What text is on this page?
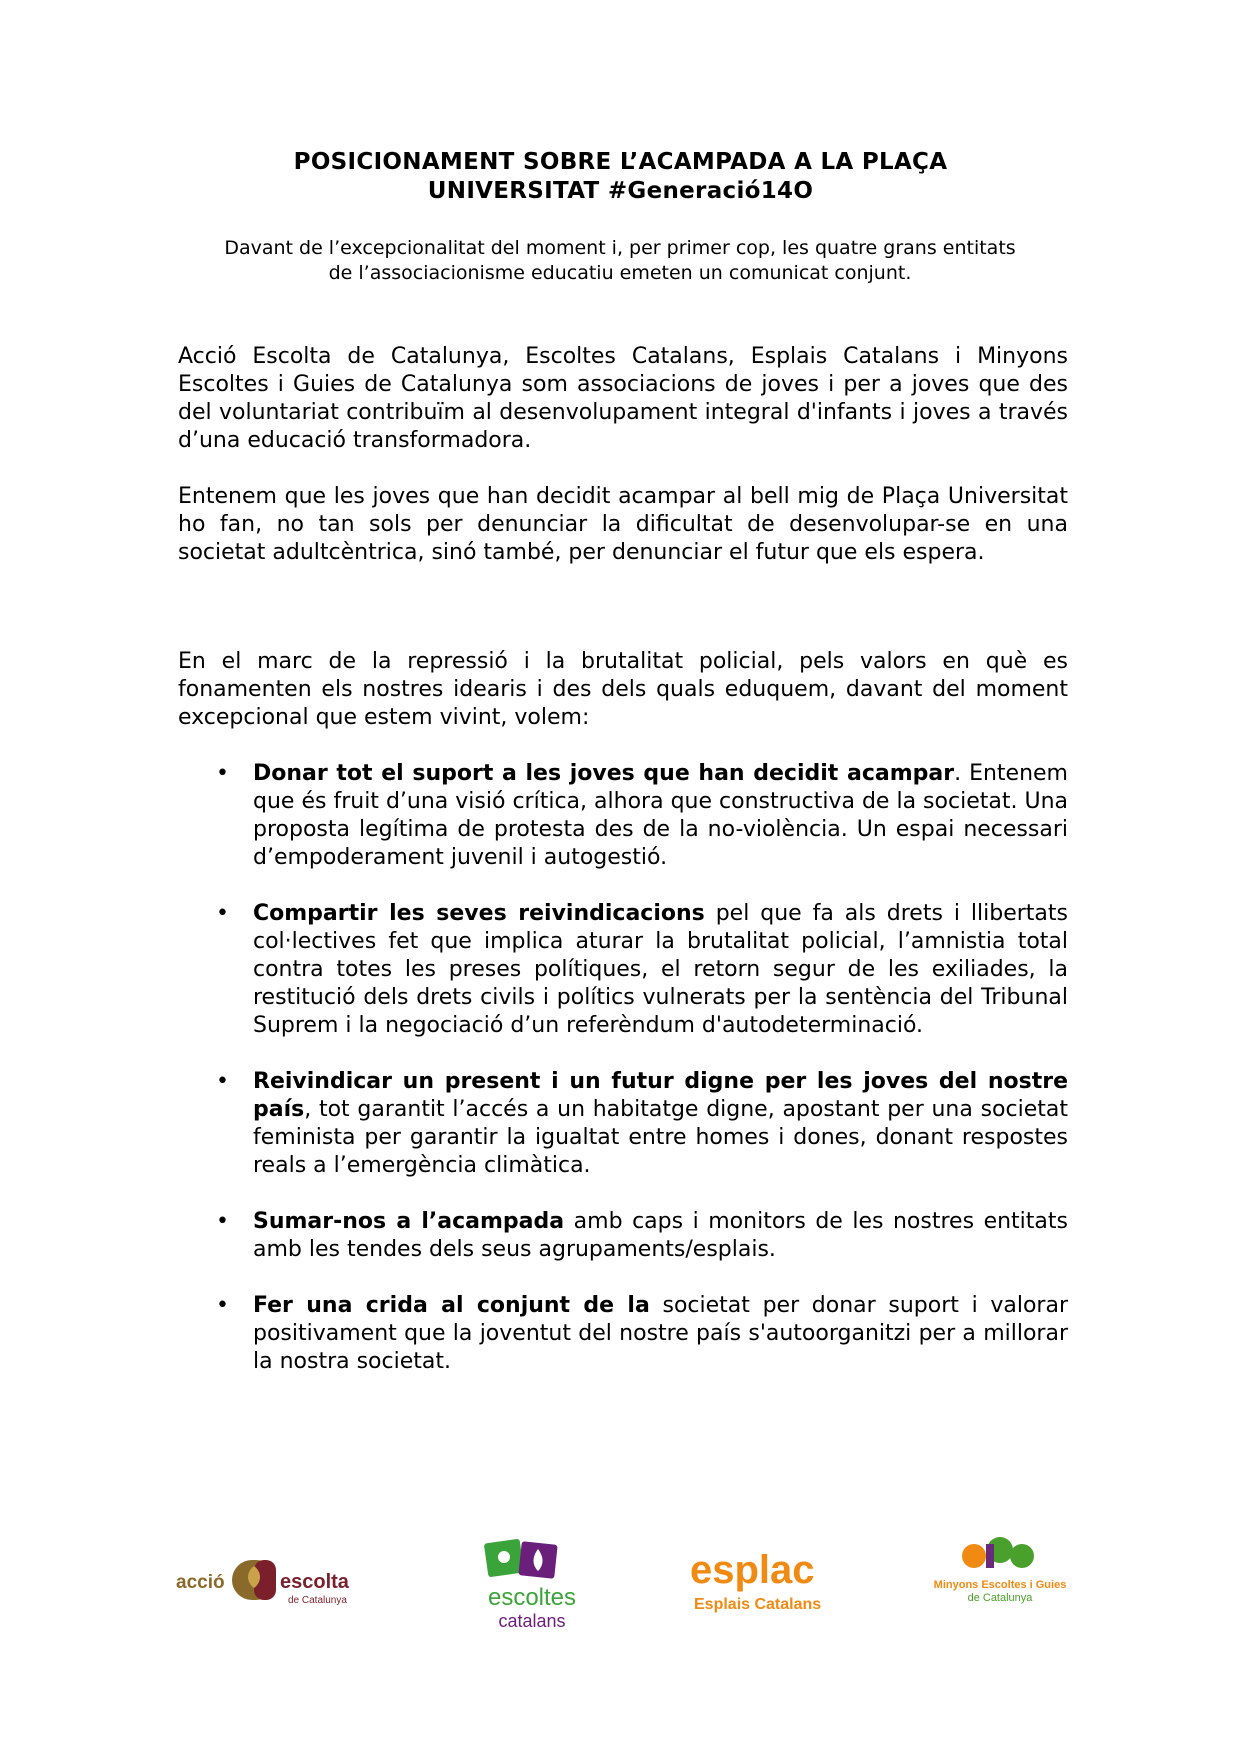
POSICIONAMENT SOBRE L’ACAMPADA A LA PLAÇA
UNIVERSITAT #Generació14O
Davant de l’excepcionalitat del moment i, per primer cop, les quatre grans entitats
de l’associacionisme educatiu emeten un comunicat conjunt.

Acció Escolta de Catalunya, Escoltes Catalans, Esplais Catalans i Minyons Escoltes i Guies de Catalunya som associacions de joves i per a joves que des del voluntariat contribuïm al desenvolupament integral d'infants i joves a través d’una educació transformadora.

Entenem que les joves que han decidit acampar al bell mig de Plaça Universitat ho fan, no tan sols per denunciar la dificultat de desenvolupar-se en una societat adultcèntrica, sinó també, per denunciar el futur que els espera.

En el marc de la repressió i la brutalitat policial, pels valors en què es fonamenten els nostres idearis i des dels quals eduquem, davant del moment excepcional que estem vivint, volem:

• Donar tot el suport a les joves que han decidit acampar. Entenem que és fruit d’una visió crítica, alhora que constructiva de la societat. Una proposta legítima de protesta des de la no-violència. Un espai necessari d’empoderament juvenil i autogestió.
• Compartir les seves reivindicacions pel que fa als drets i llibertats col·lectives fet que implica aturar la brutalitat policial, l’amnistia total contra totes les preses polítiques, el retorn segur de les exiliades, la restitució dels drets civils i polítics vulnerats per la sentència del Tribunal Suprem i la negociació d’un referèndum d'autodeterminació.
• Reivindicar un present i un futur digne per les joves del nostre país, tot garantit l’accés a un habitatge digne, apostant per una societat feminista per garantir la igualtat entre homes i dones, donant respostes reals a l’emergència climàtica.
• Sumar-nos a l’acampada amb caps i monitors de les nostres entitats amb les tendes dels seus agrupaments/esplais.
• Fer una crida al conjunt de la societat per donar suport i valorar positivament que la joventut del nostre país s'autoorganitzi per a millorar la nostra societat.
acció	escolta
de Catalunya	escoltes
catalans
esplac
Esplais Catalans
Minyons Escoltes i Guies
de Catalunya
